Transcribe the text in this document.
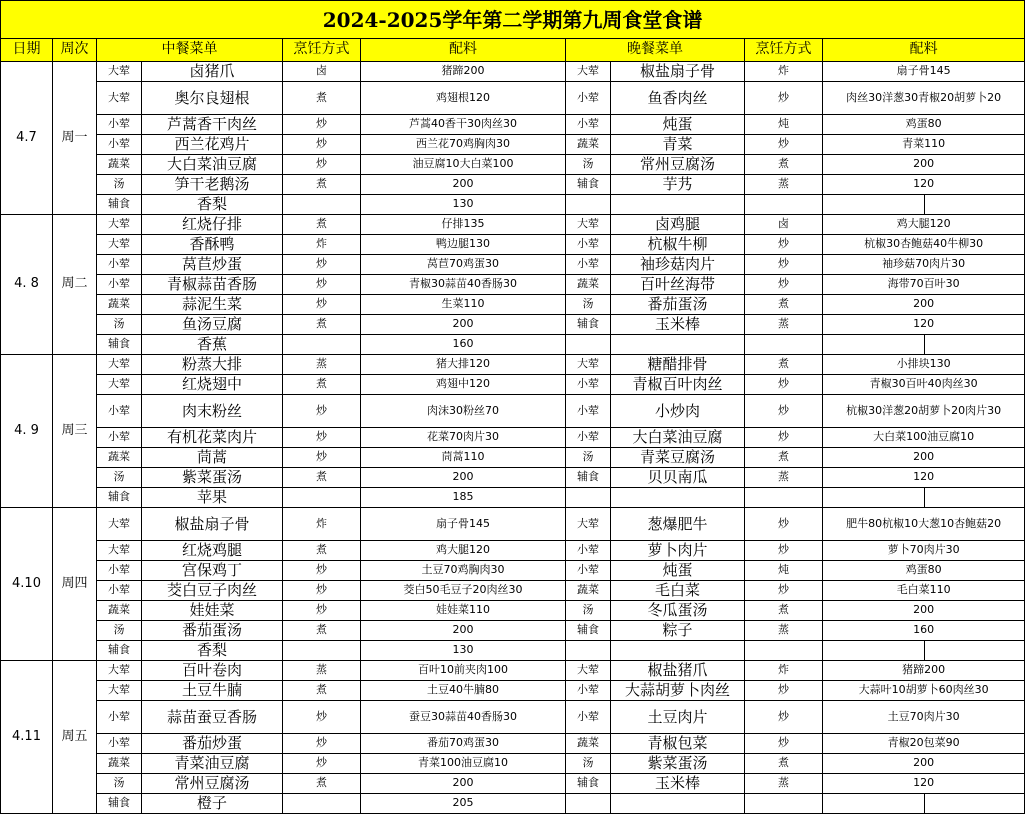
2024-2025学年第二学期第九周食堂食谱										
日期	周次	中餐菜单		烹饪方式	配料	晚餐菜单		烹饪方式	配料	
4.7	周一	大荤	卤猪爪	卤	猪蹄200	大荤	椒盐扇子骨	炸	扇子骨145	
		大荤	奥尔良翅根	煮	鸡翅根120	小荤	鱼香肉丝	炒	肉丝30洋葱30青椒20胡萝卜20	
		小荤	芦蒿香干肉丝	炒	芦蒿40香干30肉丝30	小荤	炖蛋	炖	鸡蛋80	
		小荤	西兰花鸡片	炒	西兰花70鸡胸肉30	蔬菜	青菜	炒	青菜110	
		蔬菜	大白菜油豆腐	炒	油豆腐10大白菜100	汤	常州豆腐汤	煮	200	
		汤	笋干老鹅汤	煮	200	辅食	芋艿	蒸	120	
		辅食	香梨		130					
4. 8	周二	大荤	红烧仔排	煮	仔排135	大荤	卤鸡腿	卤	鸡大腿120	
		大荤	香酥鸭	炸	鸭边腿130	小荤	杭椒牛柳	炒	杭椒30杏鲍菇40牛柳30	
		小荤	莴苣炒蛋	炒	莴苣70鸡蛋30	小荤	袖珍菇肉片	炒	袖珍菇70肉片30	
		小荤	青椒蒜苗香肠	炒	青椒30蒜苗40香肠30	蔬菜	百叶丝海带	炒	海带70百叶30	
		蔬菜	蒜泥生菜	炒	生菜110	汤	番茄蛋汤	煮	200	
		汤	鱼汤豆腐	煮	200	辅食	玉米棒	蒸	120	
		辅食	香蕉		160					
4. 9	周三	大荤	粉蒸大排	蒸	猪大排120	大荤	糖醋排骨	煮	小排块130	
		大荤	红烧翅中	煮	鸡翅中120	小荤	青椒百叶肉丝	炒	青椒30百叶40肉丝30	
		小荤	肉末粉丝	炒	肉沫30粉丝70	小荤	小炒肉	炒	杭椒30洋葱20胡萝卜20肉片30	
		小荤	有机花菜肉片	炒	花菜70肉片30	小荤	大白菜油豆腐	炒	大白菜100油豆腐10	
		蔬菜	茼蒿	炒	茼蒿110	汤	青菜豆腐汤	煮	200	
		汤	紫菜蛋汤	煮	200	辅食	贝贝南瓜	蒸	120	
		辅食	苹果		185					
4.10	周四	大荤	椒盐扇子骨	炸	扇子骨145	大荤	葱爆肥牛	炒	肥牛80杭椒10大葱10杏鲍菇20	
		大荤	红烧鸡腿	煮	鸡大腿120	小荤	萝卜肉片	炒	萝卜70肉片30	
		小荤	宫保鸡丁	炒	土豆70鸡胸肉30	小荤	炖蛋	炖	鸡蛋80	
		小荤	茭白豆子肉丝	炒	茭白50毛豆子20肉丝30	蔬菜	毛白菜	炒	毛白菜110	
		蔬菜	娃娃菜	炒	娃娃菜110	汤	冬瓜蛋汤	煮	200	
		汤	番茄蛋汤	煮	200	辅食	粽子	蒸	160	
		辅食	香梨		130					
4.11	周五	大荤	百叶卷肉	蒸	百叶10前夹肉100	大荤	椒盐猪爪	炸	猪蹄200	
		大荤	土豆牛腩	煮	土豆40牛腩80	小荤	大蒜胡萝卜肉丝	炒	大蒜叶10胡萝卜60肉丝30	
		小荤	蒜苗蚕豆香肠	炒	蚕豆30蒜苗40香肠30	小荤	土豆肉片	炒	土豆70肉片30	
		小荤	番茄炒蛋	炒	番茄70鸡蛋30	蔬菜	青椒包菜	炒	青椒20包菜90	
		蔬菜	青菜油豆腐	炒	青菜100油豆腐10	汤	紫菜蛋汤	煮	200	
		汤	常州豆腐汤	煮	200	辅食	玉米棒	蒸	120	
		辅食	橙子		205					
